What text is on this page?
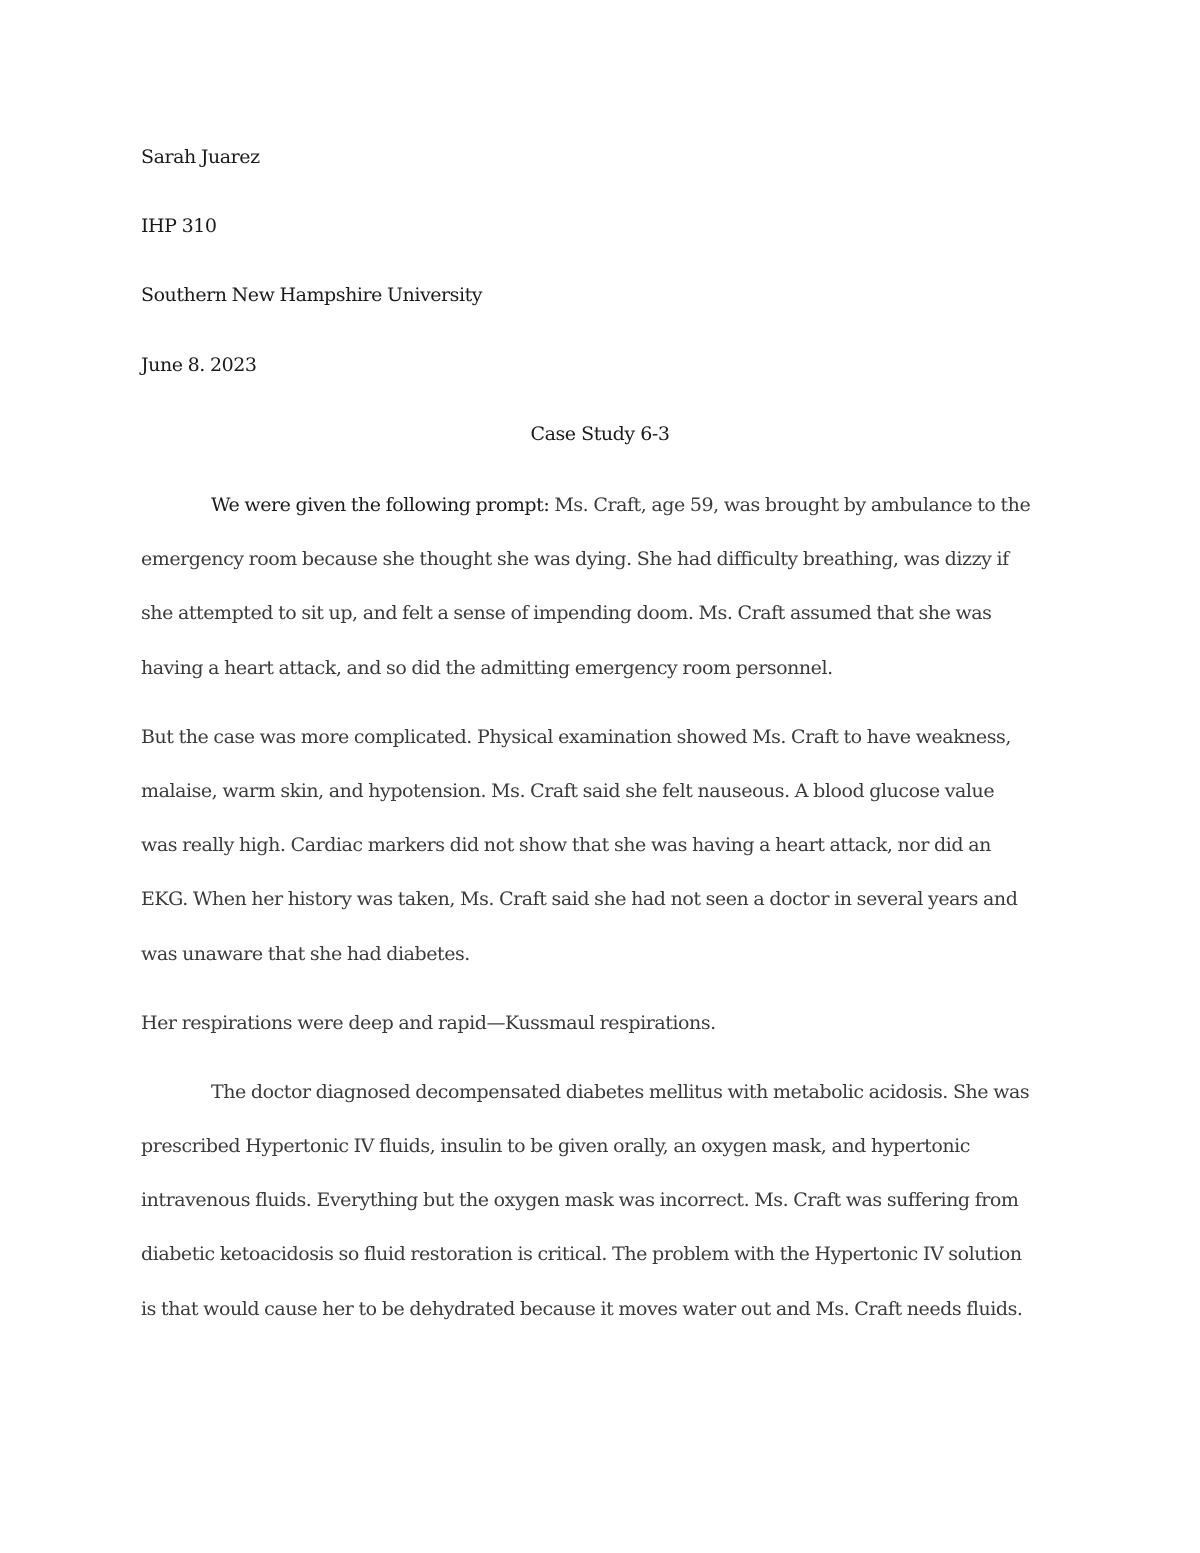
Sarah Juarez
IHP 310
Southern New Hampshire University
June 8. 2023
Case Study 6-3
We were given the following prompt: Ms. Craft, age 59, was brought by ambulance to the
emergency room because she thought she was dying. She had difficulty breathing, was dizzy if
she attempted to sit up, and felt a sense of impending doom. Ms. Craft assumed that she was
having a heart attack, and so did the admitting emergency room personnel.
But the case was more complicated. Physical examination showed Ms. Craft to have weakness,
malaise, warm skin, and hypotension. Ms. Craft said she felt nauseous. A blood glucose value
was really high. Cardiac markers did not show that she was having a heart attack, nor did an
EKG. When her history was taken, Ms. Craft said she had not seen a doctor in several years and
was unaware that she had diabetes.
Her respirations were deep and rapid—Kussmaul respirations.
The doctor diagnosed decompensated diabetes mellitus with metabolic acidosis. She was
prescribed Hypertonic IV fluids, insulin to be given orally, an oxygen mask, and hypertonic
intravenous fluids. Everything but the oxygen mask was incorrect. Ms. Craft was suffering from
diabetic ketoacidosis so fluid restoration is critical. The problem with the Hypertonic IV solution
is that would cause her to be dehydrated because it moves water out and Ms. Craft needs fluids.
